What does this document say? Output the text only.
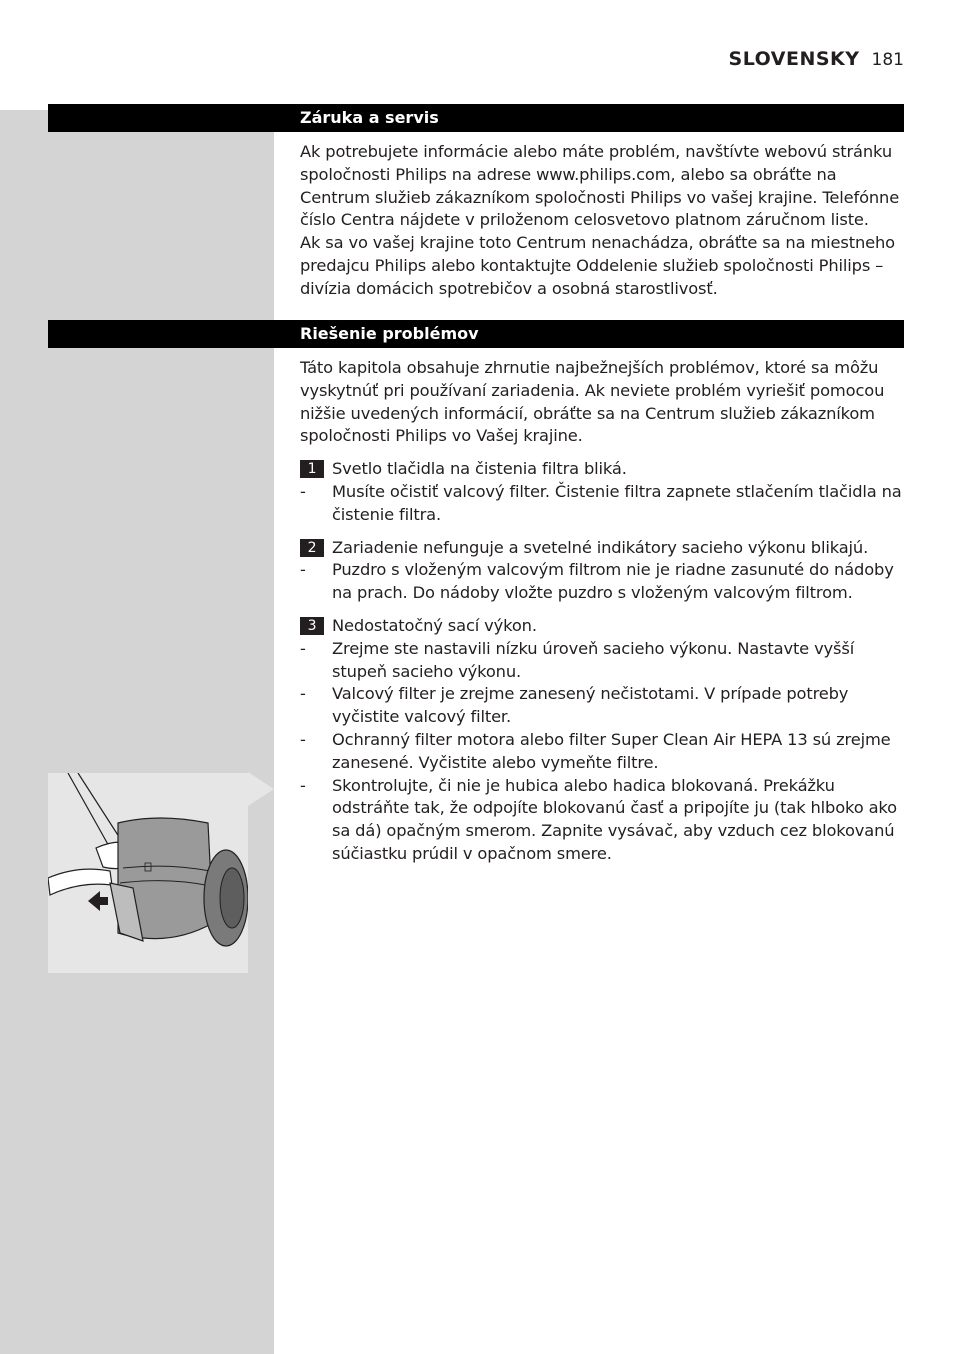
SLOVENSKY 181
Záruka a servis
Ak potrebujete informácie alebo máte problém, navštívte webovú stránku
spoločnosti Philips na adrese www.philips.com, alebo sa obráťte na
Centrum služieb zákazníkom spoločnosti Philips vo vašej krajine. Telefónne
číslo Centra nájdete v priloženom celosvetovo platnom záručnom liste.
Ak sa vo vašej krajine toto Centrum nenachádza, obráťte sa na miestneho
predajcu Philips alebo kontaktujte Oddelenie služieb spoločnosti Philips –
divízia domácich spotrebičov a osobná starostlivosť.
Riešenie problémov
Táto kapitola obsahuje zhrnutie najbežnejších problémov, ktoré sa môžu
vyskytnúť pri používaní zariadenia. Ak neviete problém vyriešiť pomocou
nižšie uvedených informácií, obráťte sa na Centrum služieb zákazníkom
spoločnosti Philips vo Vašej krajine.
1 Svetlo tlačidla na čistenia filtra bliká.
-	Musíte očistiť valcový filter. Čistenie filtra zapnete stlačením tlačidla na čistenie filtra.
2 Zariadenie nefunguje a svetelné indikátory sacieho výkonu blikajú.
-	Puzdro s vloženým valcovým filtrom nie je riadne zasunuté do nádoby na prach. Do nádoby vložte puzdro s vloženým valcovým filtrom.
3 Nedostatočný sací výkon.
-	Zrejme ste nastavili nízku úroveň sacieho výkonu. Nastavte vyšší stupeň sacieho výkonu.
-	Valcový filter je zrejme zanesený nečistotami. V prípade potreby vyčistite valcový filter.
-	Ochranný filter motora alebo filter Super Clean Air HEPA 13 sú zrejme zanesené. Vyčistite alebo vymeňte filtre.
-	Skontrolujte, či nie je hubica alebo hadica blokovaná. Prekážku odstráňte tak, že odpojíte blokovanú časť a pripojíte ju (tak hlboko ako sa dá) opačným smerom. Zapnite vysávač, aby vzduch cez blokovanú súčiastku prúdil v opačnom smere.
